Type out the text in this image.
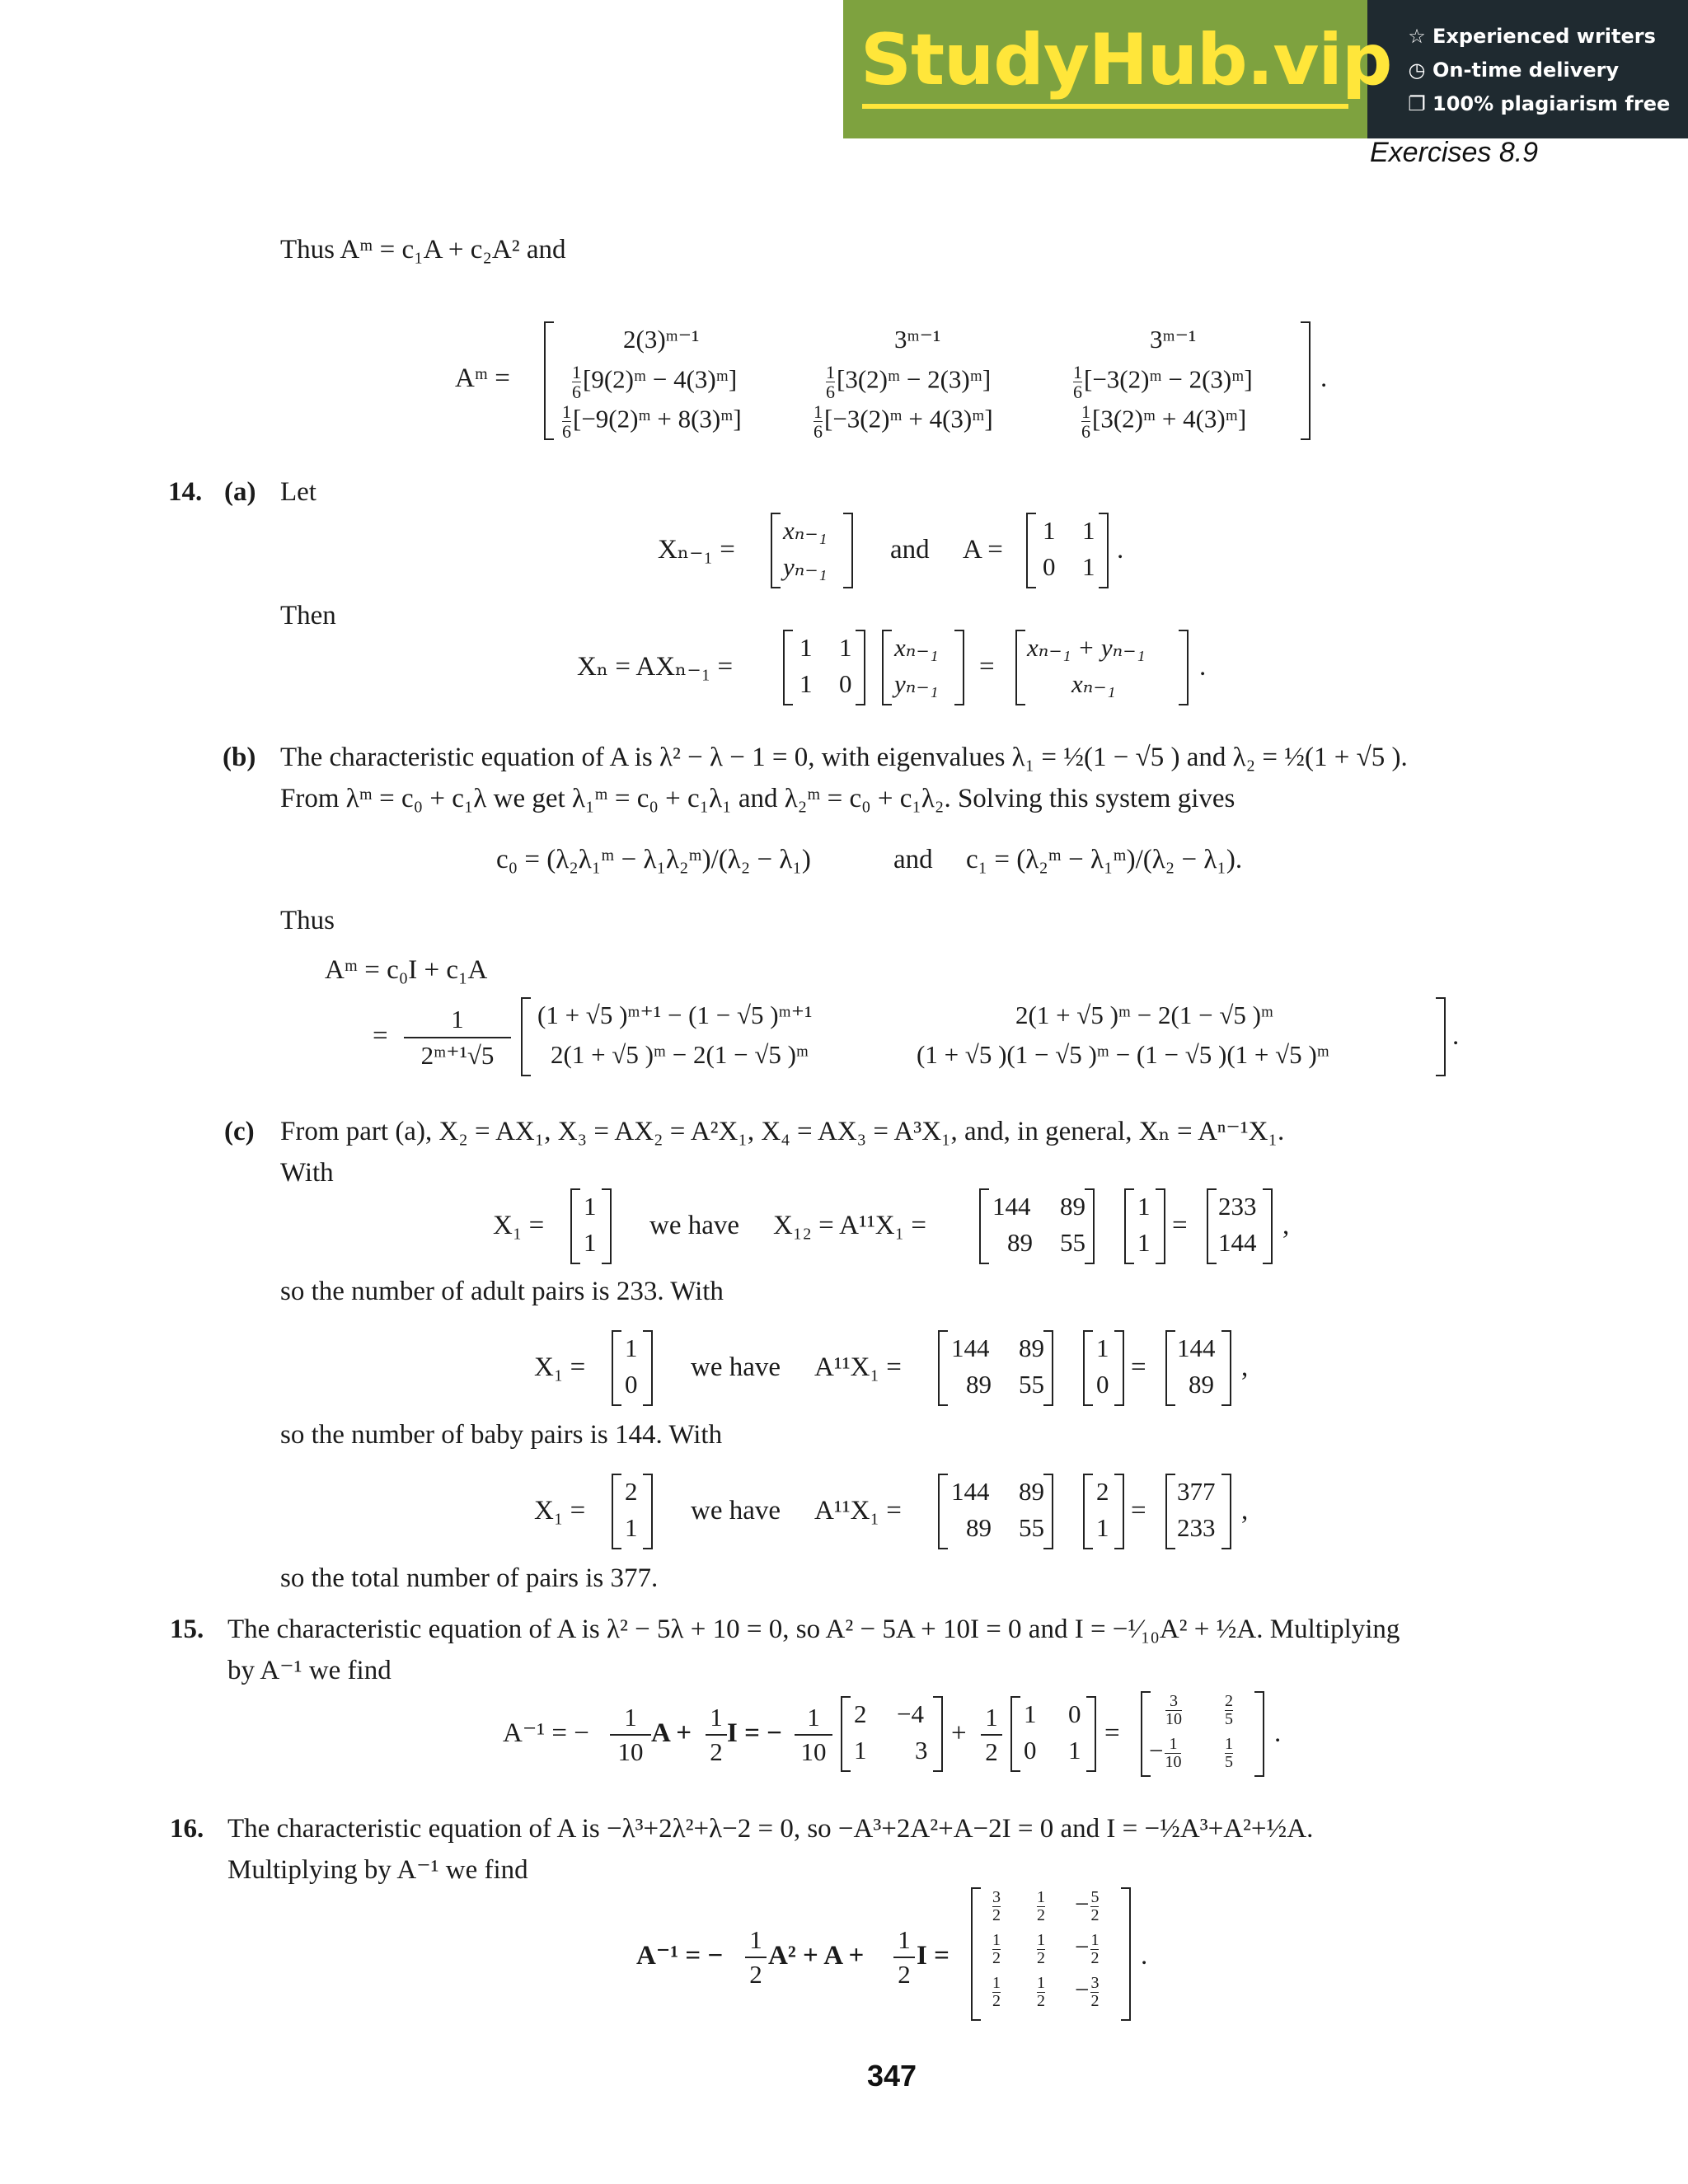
StudyHub.vip ☆ Experienced writers
◷ On-time delivery
❐ 100% plagiarism free
Exercises 8.9
Thus Aᵐ = c₁A + c₂A² and
Aᵐ =
2(3)ᵐ⁻¹	3ᵐ⁻¹	3ᵐ⁻¹
$\frac{1}{6}$ [9(2)ᵐ − 4(3)ᵐ]	$\frac{1}{6}$ [3(2)ᵐ − 2(3)ᵐ]	$\frac{1}{6}$ [−3(2)ᵐ − 2(3)ᵐ]
$\frac{1}{6}$ [−9(2)ᵐ + 8(3)ᵐ]	$\frac{1}{6}$ [−3(2)ᵐ + 4(3)ᵐ]	$\frac{1}{6}$ [3(2)ᵐ + 4(3)ᵐ]
.
14. (a) Let
Xₙ₋₁ =
xₙ₋₁
yₙ₋₁
and A =
1 1
0 1
.
Then
Xₙ = AXₙ₋₁ =
1 1
1 0
xₙ₋₁
yₙ₋₁
=
xₙ₋₁ + yₙ₋₁
xₙ₋₁
.
(b) The characteristic equation of A is λ² − λ − 1 = 0, with eigenvalues λ₁ = ½(1 − √5 ) and λ₂ = ½(1 + √5 ).
From λᵐ = c₀ + c₁λ we get λ₁ᵐ = c₀ + c₁λ₁ and λ₂ᵐ = c₀ + c₁λ₂. Solving this system gives
c₀ = (λ₂λ₁ᵐ − λ₁λ₂ᵐ)/(λ₂ − λ₁)	and c₁ = (λ₂ᵐ − λ₁ᵐ)/(λ₂ − λ₁).
Thus
Aᵐ = c₀I + c₁A
=
1
2ᵐ⁺¹√5
(1 + √5 )ᵐ⁺¹ − (1 − √5 )ᵐ⁺¹	2(1 + √5 )ᵐ − 2(1 − √5 )ᵐ
2(1 + √5 )ᵐ − 2(1 − √5 )ᵐ	(1 + √5 )(1 − √5 )ᵐ − (1 − √5 )(1 + √5 )ᵐ
.
(c) From part (a), X₂ = AX₁, X₃ = AX₂ = A²X₁, X₄ = AX₃ = A³X₁, and, in general, Xₙ = Aⁿ⁻¹X₁.
With
X₁ =
1
1
we have X₁₂ = A¹¹X₁ =
144 89
89 55
1
1
=
233
144
,
so the number of adult pairs is 233. With
X₁ =
1
0
we have A¹¹X₁ =
144 89
89 55
1
0
=
144
89
,
so the number of baby pairs is 144. With
X₁ =
2
1
we have A¹¹X₁ =
144 89
89 55
2
1
=
377
233
,
so the total number of pairs is 377.
15. The characteristic equation of A is λ² − 5λ + 10 = 0, so A² − 5A + 10I = 0 and I = −¹⁄₁₀A² + ½A. Multiplying
by A⁻¹ we find
A⁻¹ = −
1
10
A +
1
2
I = −
1
10
2 −4
1 3
+
1
2
1 0
0 1
=
$\frac{3}{10}$	$\frac{2}{5}$
− $\frac{1}{10}$	$\frac{1}{5}$
.
16. The characteristic equation of A is −λ³+2λ²+λ−2 = 0, so −A³+2A²+A−2I = 0 and I = −½A³+A²+½A.
Multiplying by A⁻¹ we find
A⁻¹ = −
1
2
A² + A +
1
2
I =
$\frac{3}{2} \frac{1}{2} - \frac{5}{2}$
$\frac{1}{2} \frac{1}{2} - \frac{1}{2}$
$\frac{1}{2} \frac{1}{2} - \frac{3}{2}$
.
347
